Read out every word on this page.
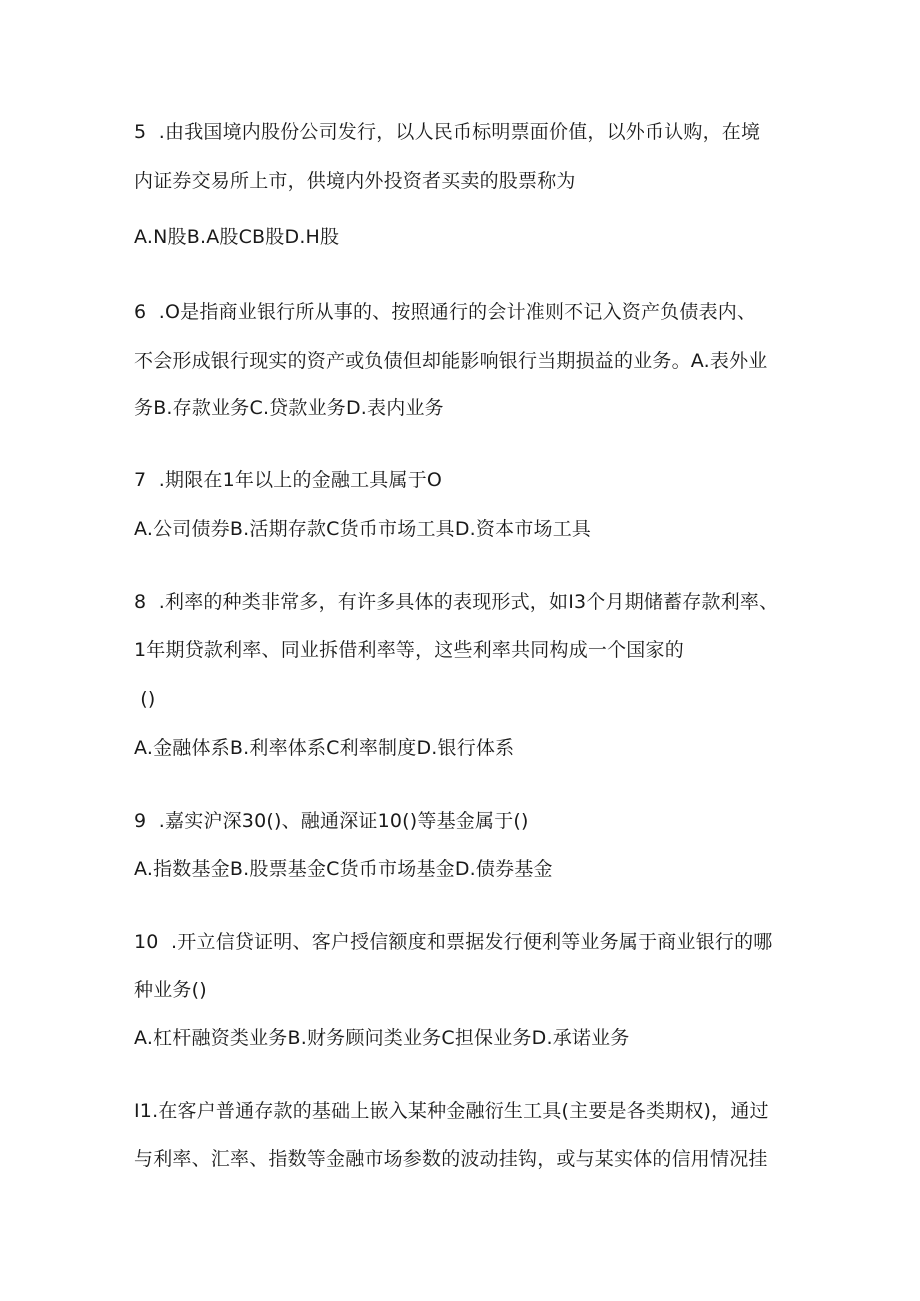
5  .由我国境内股份公司发行，以人民币标明票面价值，以外币认购，在境
内证券交易所上市，供境内外投资者买卖的股票称为
A.N股B.A股CB股D.H股
6  .O是指商业银行所从事的、按照通行的会计准则不记入资产负债表内、
不会形成银行现实的资产或负债但却能影响银行当期损益的业务。A.表外业
务B.存款业务C.贷款业务D.表内业务
7  .期限在1年以上的金融工具属于O
A.公司债券B.活期存款C货币市场工具D.资本市场工具
8  .利率的种类非常多，有许多具体的表现形式，如I3个月期储蓄存款利率、
1年期贷款利率、同业拆借利率等，这些利率共同构成一个国家的
()
A.金融体系B.利率体系C利率制度D.银行体系
9  .嘉实沪深30()、融通深证10()等基金属于()
A.指数基金B.股票基金C货币市场基金D.债券基金
10  .开立信贷证明、客户授信额度和票据发行便利等业务属于商业银行的哪
种业务()
A.杠杆融资类业务B.财务顾问类业务C担保业务D.承诺业务
I1.在客户普通存款的基础上嵌入某种金融衍生工具(主要是各类期权)，通过
与利率、汇率、指数等金融市场参数的波动挂钩，或与某实体的信用情况挂
